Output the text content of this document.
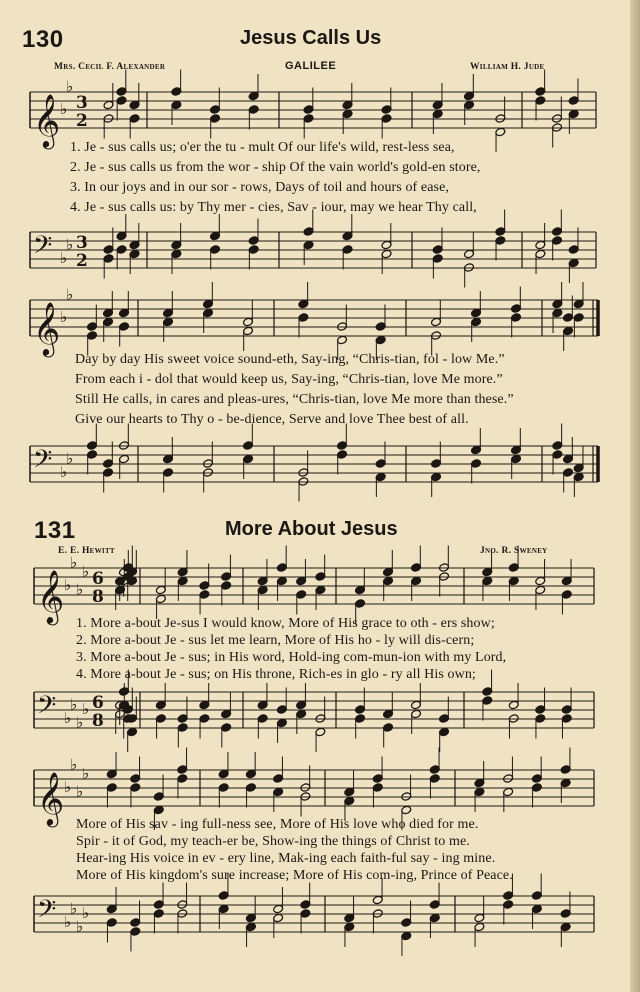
130	Jesus Calls Us
Mrs. Cecil F. Alexander	GALILEE	William H. Jude
1. Je - sus calls us; o'er the tu - mult Of our life's wild, rest-less sea,
2. Je - sus calls us from the wor - ship Of the vain world's gold-en store,
3. In our joys and in our sor - rows, Days of toil and hours of ease,
4. Je - sus calls us: by Thy mer - cies, Sav - iour, may we hear Thy call,
Day by day His sweet voice sound-eth, Say-ing, “Chris-tian, fol - low Me.”
From each i - dol that would keep us, Say-ing, “Chris-tian, love Me more.”
Still He calls, in cares and pleas-ures, “Chris-tian, love Me more than these.”
Give our hearts to Thy o - be-dience, Serve and love Thee best of all.
131	More About Jesus
E. E. Hewitt	Jno. R. Sweney
1. More a-bout Je-sus I would know, More of His grace to oth - ers show;
2. More a-bout Je - sus let me learn, More of His ho - ly will dis-cern;
3. More a-bout Je - sus; in His word, Hold-ing com-mun-ion with my Lord,
4. More a-bout Je - sus; on His throne, Rich-es in glo - ry all His own;
More of His sav - ing full-ness see, More of His love who died for me.
Spir - it of God, my teach-er be, Show-ing the things of Christ to me.
Hear-ing His voice in ev - ery line, Mak-ing each faith-ful say - ing mine.
More of His kingdom's sure increase; More of His com-ing, Prince of Peace.
𝄞 ♭
♭
3
2
𝄢 ♭
♭ 3
2
𝄞 ♭
♭
𝄢 ♭
♭
𝄞 ♭
♭
♭
♭ 6
8
𝄢 ♭
♭
♭
♭ 6
8
𝄞 ♭
♭
♭
♭
𝄢 ♭
♭
♭
♭
